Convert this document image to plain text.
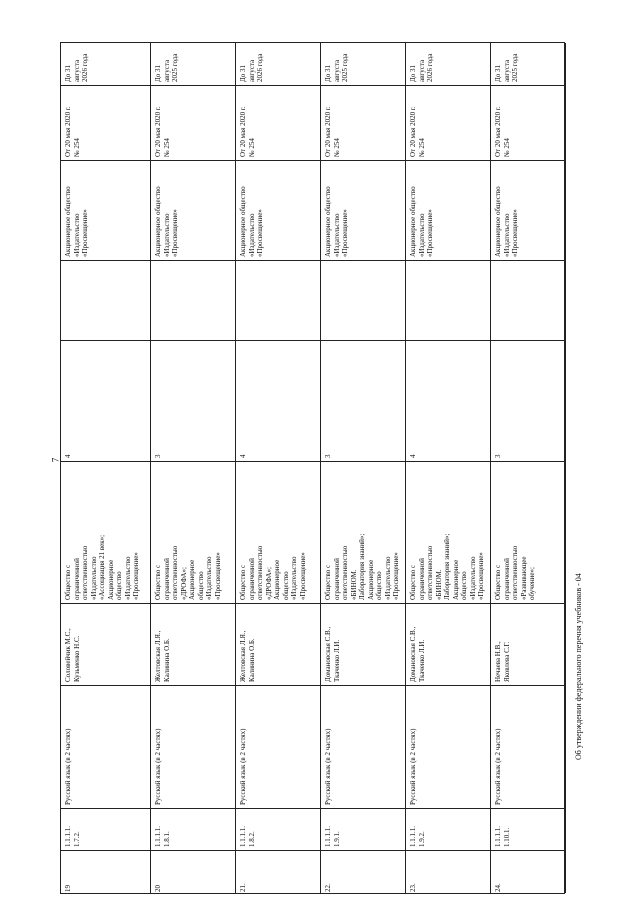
7
Об утверждении федерального перечня учебников - 04
19
1.1.1.1.
1.7.2.
Русский язык (в 2 частях)
Соловейчик М.С.,
Кузьменко Н.С.
Общество с
ограниченной
ответственностью
«Издательство
«Ассоциация 21 век»;
Акционерное
общество
«Издательство
«Просвещение»
4
Акционерное общество
«Издательство
«Просвещение»
От 20 мая 2020 г.
№ 254
До 31 августа
2026 года
20
1.1.1.1.
1.8.1.
Русский язык (в 2 частях)
Желтовская Л.Я.,
Калинина О.Б.
Общество с
ограниченной
ответственностью
«ДРОФА»;
Акционерное
общество
«Издательство
«Просвещение»
3
Акционерное общество
«Издательство
«Просвещение»
От 20 мая 2020 г.
№ 254
До 31 августа
2025 года
21.
1.1.1.1.
1.8.2.
Русский язык (в 2 частях)
Желтовская Л.Я.,
Калинина О.Б.
Общество с
ограниченной
ответственностью
«ДРОФА»;
Акционерное
общество
«Издательство
«Просвещение»
4
Акционерное общество
«Издательство
«Просвещение»
От 20 мая 2020 г.
№ 254
До 31 августа
2026 года
22.
1.1.1.1.
1.9.1.
Русский язык (в 2 частях)
Домановская С.В.,
Ткаченко Л.И.
Общество с
ограниченной
ответственностью
«БИНОМ.
Лаборатория знаний»;
Акционерное
общество
«Издательство
«Просвещение»
3
Акционерное общество
«Издательство
«Просвещение»
От 20 мая 2020 г.
№ 254
До 31 августа
2025 года
23.
1.1.1.1.
1.9.2.
Русский язык (в 2 частях)
Домановская С.В.,
Ткаченко Л.И.
Общество с
ограниченной
ответственностью
«БИНОМ.
Лаборатория знаний»;
Акционерное
общество
«Издательство
«Просвещение»
4
Акционерное общество
«Издательство
«Просвещение»
От 20 мая 2020 г.
№ 254
До 31 августа
2026 года
24.
1.1.1.1.
1.10.1.
Русский язык (в 2 частях)
Нечаева Н.В.,
Яковлева С.Г.
Общество с
ограниченной
ответственностью
«Развивающее
обучение»;
3
Акционерное общество
«Издательство
«Просвещение»
От 20 мая 2020 г.
№ 254
До 31 августа
2025 года
